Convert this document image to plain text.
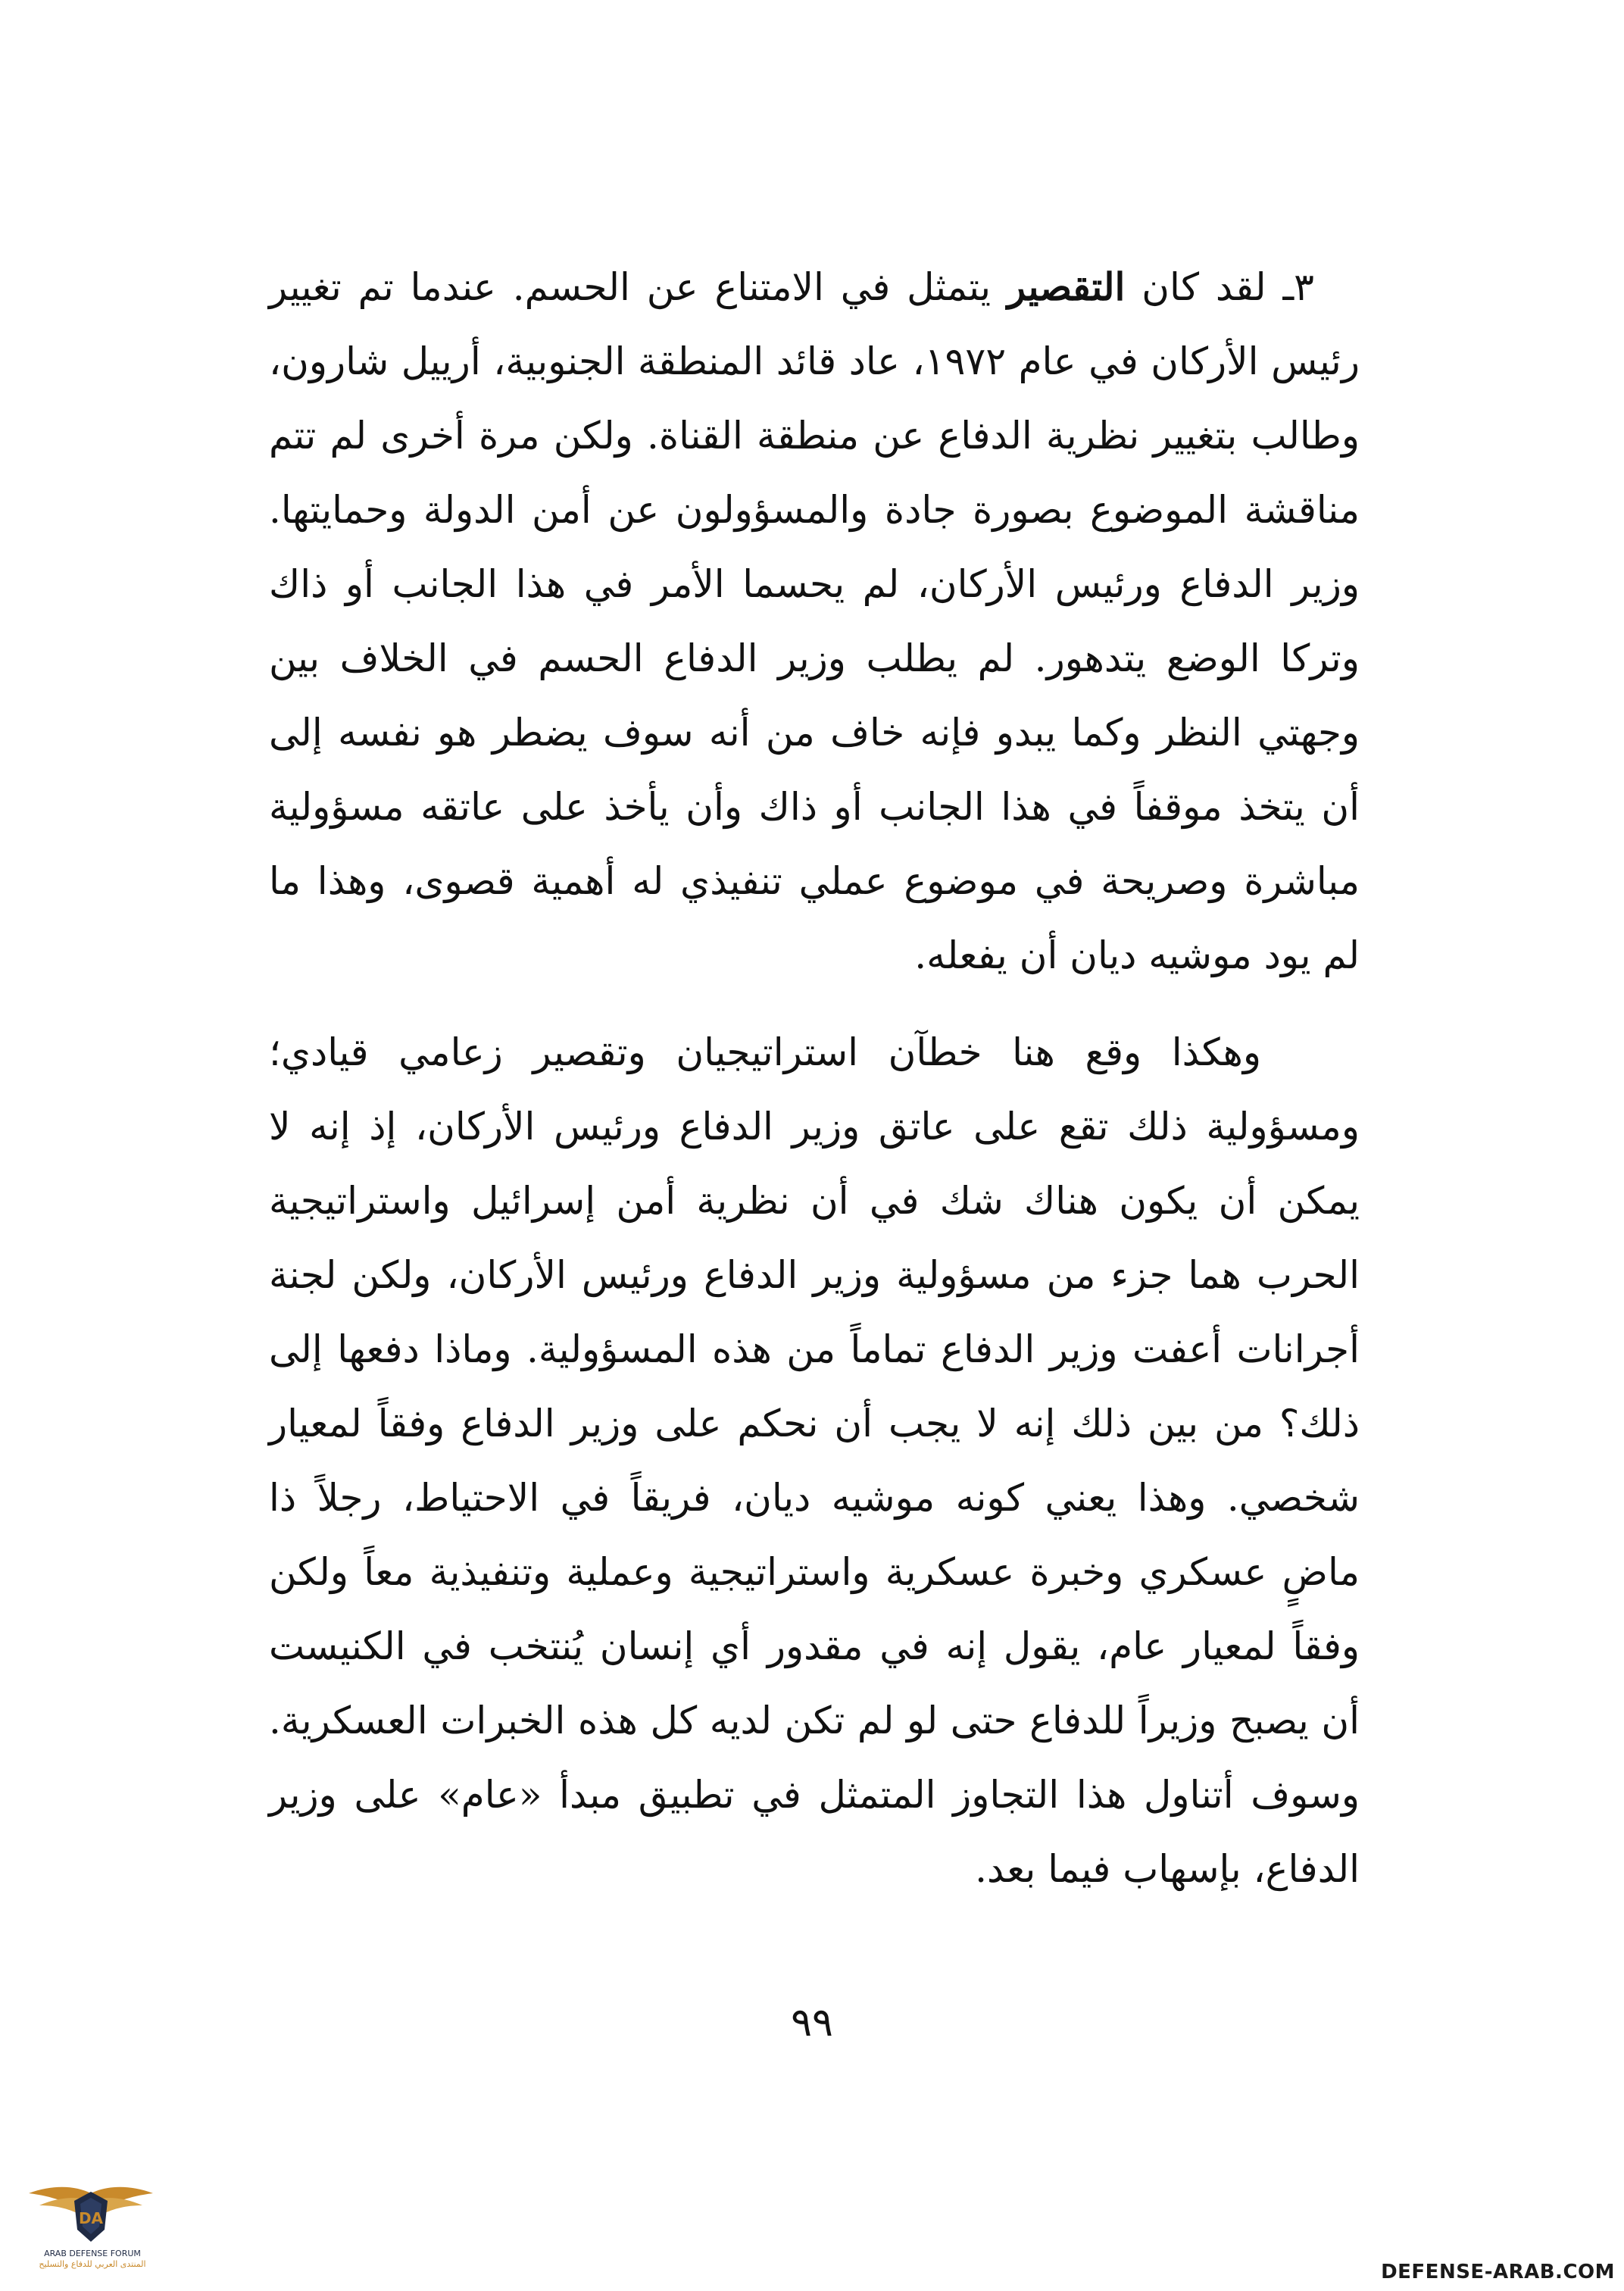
٣ـ لقد كان التقصير يتمثل في الامتناع عن الحسم. عندما تم تغيير رئيس الأركان في عام ١٩٧٢، عاد قائد المنطقة الجنوبية، أرييل شارون، وطالب بتغيير نظرية الدفاع عن منطقة القناة. ولكن مرة أخرى لم تتم مناقشة الموضوع بصورة جادة والمسؤولون عن أمن الدولة وحمايتها. وزير الدفاع ورئيس الأركان، لم يحسما الأمر في هذا الجانب أو ذاك وتركا الوضع يتدهور. لم يطلب وزير الدفاع الحسم في الخلاف بين وجهتي النظر وكما يبدو فإنه خاف من أنه سوف يضطر هو نفسه إلى أن يتخذ موقفاً في هذا الجانب أو ذاك وأن يأخذ على عاتقه مسؤولية مباشرة وصريحة في موضوع عملي تنفيذي له أهمية قصوى، وهذا ما لم يود موشيه ديان أن يفعله.

وهكذا وقع هنا خطآن استراتيجيان وتقصير زعامي قيادي؛ ومسؤولية ذلك تقع على عاتق وزير الدفاع ورئيس الأركان، إذ إنه لا يمكن أن يكون هناك شك في أن نظرية أمن إسرائيل واستراتيجية الحرب هما جزء من مسؤولية وزير الدفاع ورئيس الأركان، ولكن لجنة أجرانات أعفت وزير الدفاع تماماً من هذه المسؤولية. وماذا دفعها إلى ذلك؟ من بين ذلك إنه لا يجب أن نحكم على وزير الدفاع وفقاً لمعيار شخصي. وهذا يعني كونه موشيه ديان، فريقاً في الاحتياط، رجلاً ذا ماضٍ عسكري وخبرة عسكرية واستراتيجية وعملية وتنفيذية معاً ولكن وفقاً لمعيار عام، يقول إنه في مقدور أي إنسان يُنتخب في الكنيست أن يصبح وزيراً للدفاع حتى لو لم تكن لديه كل هذه الخبرات العسكرية. وسوف أتناول هذا التجاوز المتمثل في تطبيق مبدأ «عام» على وزير الدفاع، بإسهاب فيما بعد.

٩٩
DA
ARAB DEFENSE FORUM
المنتدى العربي للدفاع والتسليح	DEFENSE-ARAB.COM
